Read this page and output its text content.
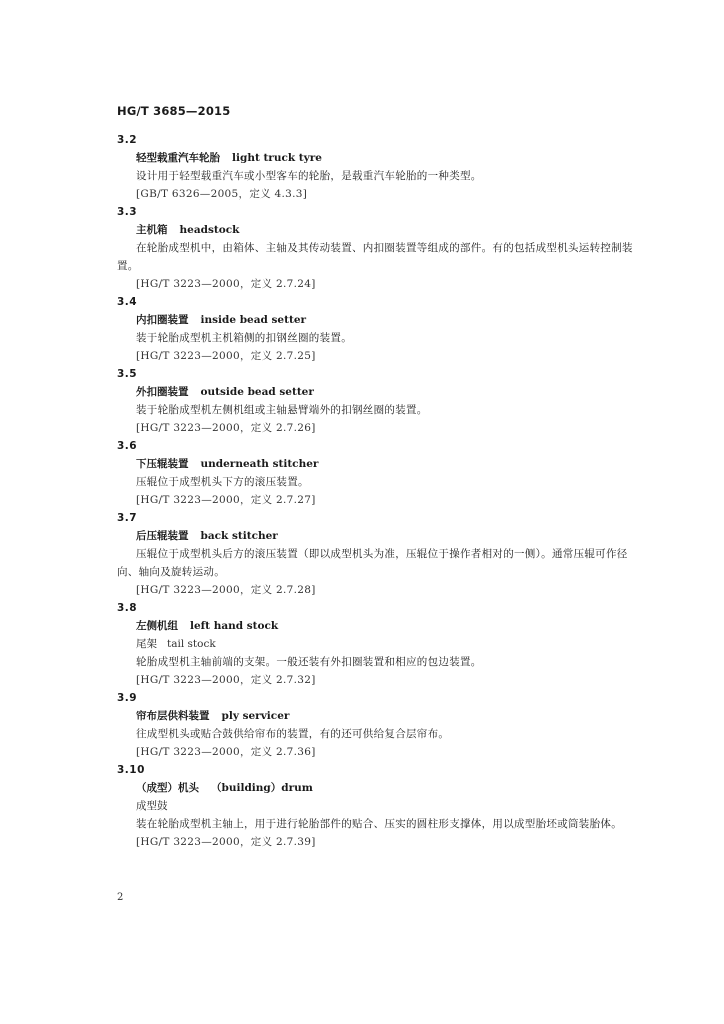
HG/T 3685—2015
3.2
轻型载重汽车轮胎 light truck tyre

设计用于轻型载重汽车或小型客车的轮胎，是载重汽车轮胎的一种类型。

[GB/T 6326—2005，定义 4.3.3]
3.3
主机箱 headstock

在轮胎成型机中，由箱体、主轴及其传动装置、内扣圈装置等组成的部件。有的包括成型机头运转控制装置。

[HG/T 3223—2000，定义 2.7.24]
3.4
内扣圈装置 inside bead setter

装于轮胎成型机主机箱侧的扣钢丝圈的装置。

[HG/T 3223—2000，定义 2.7.25]
3.5
外扣圈装置 outside bead setter

装于轮胎成型机左侧机组或主轴悬臂端外的扣钢丝圈的装置。

[HG/T 3223—2000，定义 2.7.26]
3.6
下压辊装置 underneath stitcher

压辊位于成型机头下方的滚压装置。

[HG/T 3223—2000，定义 2.7.27]
3.7
后压辊装置 back stitcher

压辊位于成型机头后方的滚压装置（即以成型机头为准，压辊位于操作者相对的一侧）。通常压辊可作径向、轴向及旋转运动。

[HG/T 3223—2000，定义 2.7.28]
3.8
左侧机组 left hand stock
尾架 tail stock

轮胎成型机主轴前端的支架。一般还装有外扣圈装置和相应的包边装置。

[HG/T 3223—2000，定义 2.7.32]
3.9
帘布层供料装置 ply servicer

往成型机头或贴合鼓供给帘布的装置，有的还可供给复合层帘布。

[HG/T 3223—2000，定义 2.7.36]
3.10
（成型）机头 （building）drum
成型鼓

装在轮胎成型机主轴上，用于进行轮胎部件的贴合、压实的圆柱形支撑体，用以成型胎坯或筒装胎体。

[HG/T 3223—2000，定义 2.7.39]
2
